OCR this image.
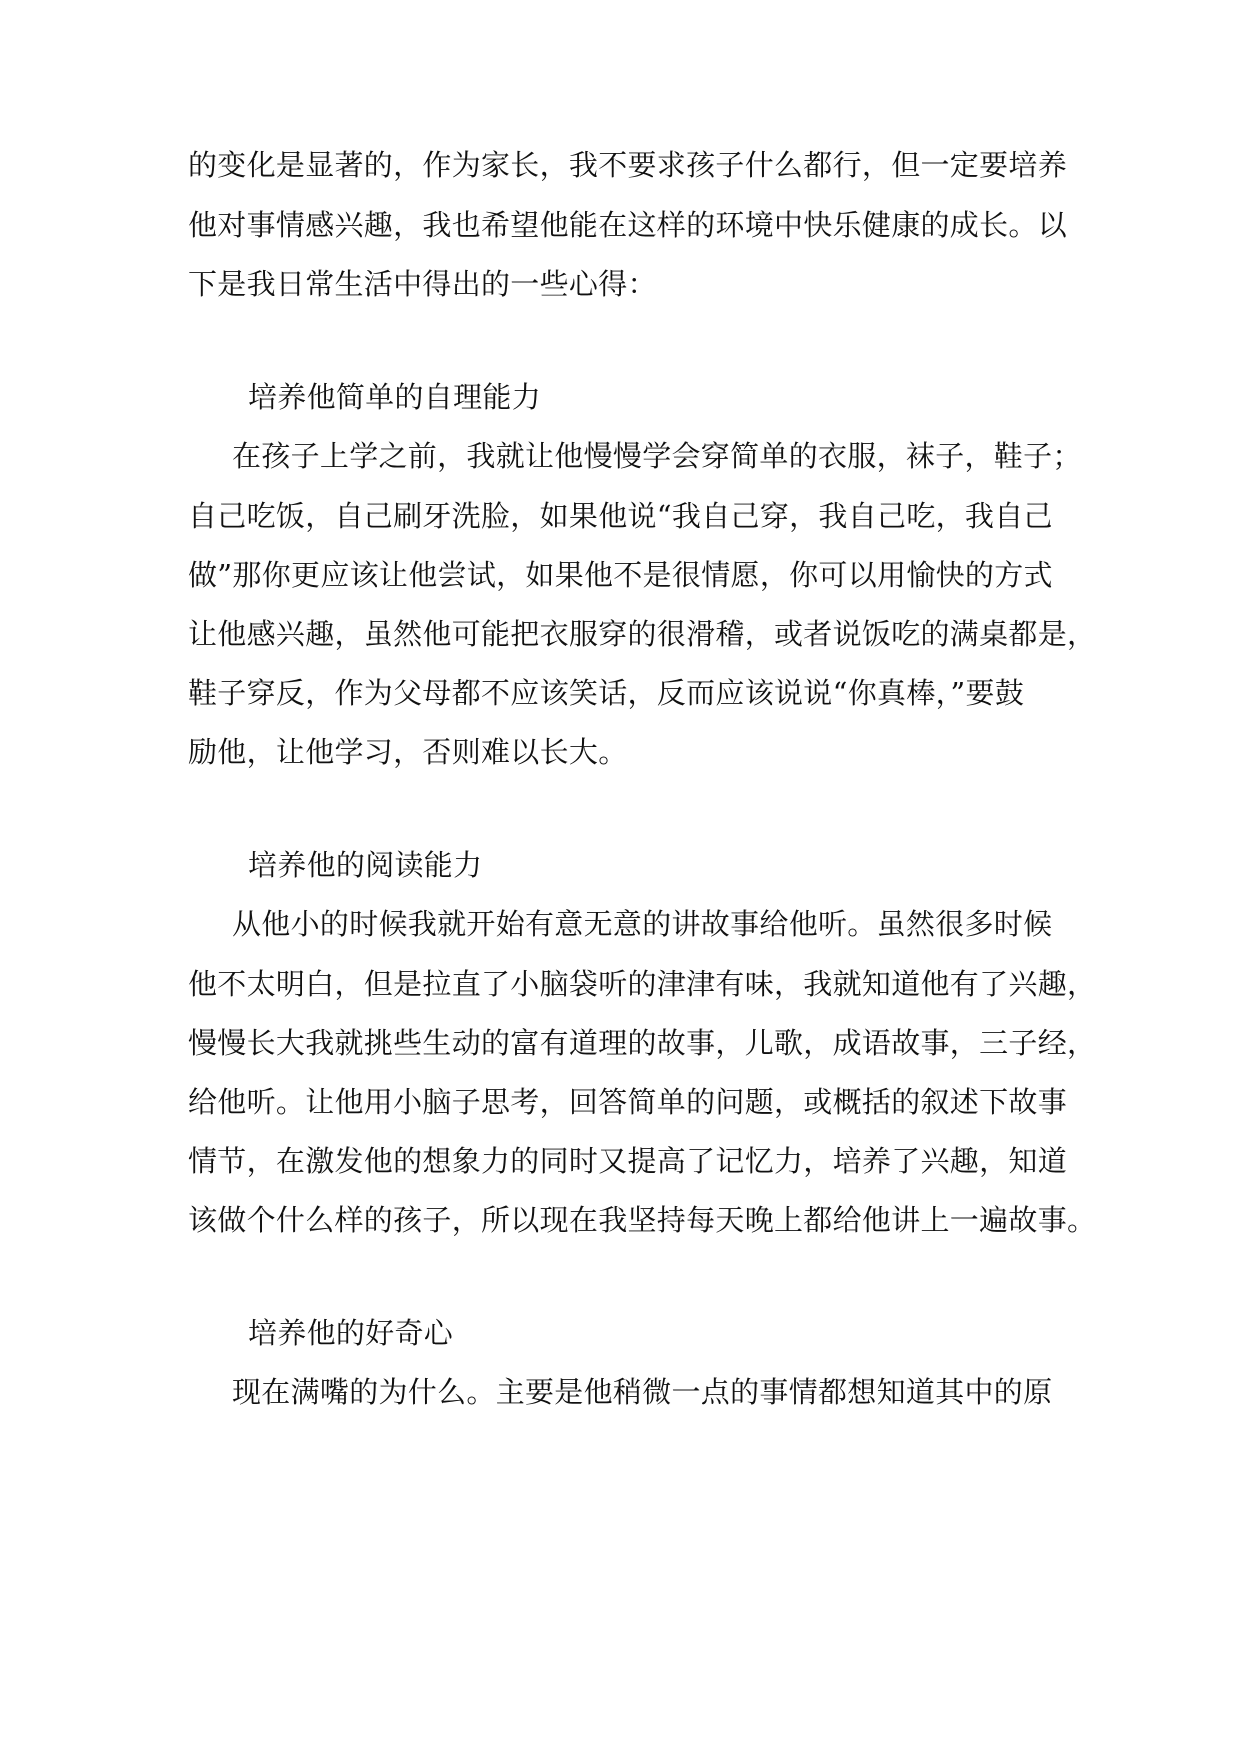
的变化是显著的，作为家长，我不要求孩子什么都行，但一定要培养
他对事情感兴趣，我也希望他能在这样的环境中快乐健康的成长。以
下是我日常生活中得出的一些心得：
培养他简单的自理能力
在孩子上学之前，我就让他慢慢学会穿简单的衣服，袜子，鞋子；
自己吃饭，自己刷牙洗脸，如果他说“我自己穿，我自己吃，我自己
做”那你更应该让他尝试，如果他不是很情愿，你可以用愉快的方式
让他感兴趣，虽然他可能把衣服穿的很滑稽，或者说饭吃的满桌都是，
鞋子穿反，作为父母都不应该笑话，反而应该说说“你真棒，”要鼓
励他，让他学习，否则难以长大。
培养他的阅读能力
从他小的时候我就开始有意无意的讲故事给他听。虽然很多时候
他不太明白，但是拉直了小脑袋听的津津有味，我就知道他有了兴趣，
慢慢长大我就挑些生动的富有道理的故事，儿歌，成语故事，三子经，
给他听。让他用小脑子思考，回答简单的问题，或概括的叙述下故事
情节，在激发他的想象力的同时又提高了记忆力，培养了兴趣，知道
该做个什么样的孩子，所以现在我坚持每天晚上都给他讲上一遍故事。
培养他的好奇心
现在满嘴的为什么。主要是他稍微一点的事情都想知道其中的原
